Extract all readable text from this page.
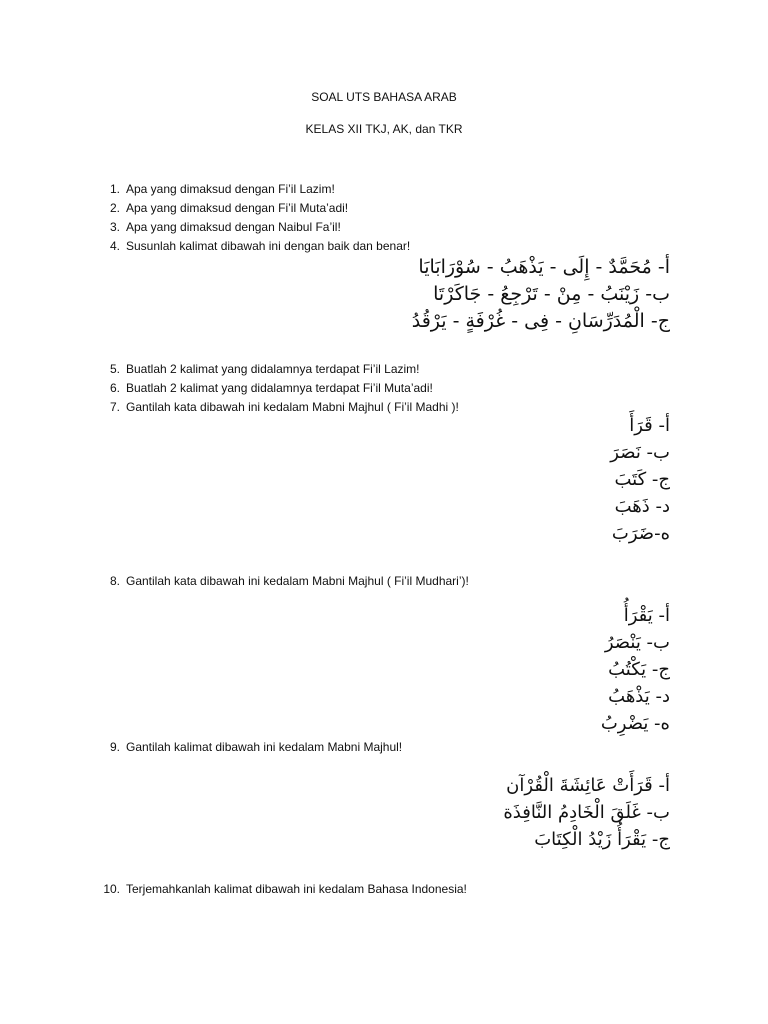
SOAL UTS BAHASA ARAB
KELAS XII TKJ, AK, dan TKR
1. Apa yang dimaksud dengan Fi’il Lazim!
2. Apa yang dimaksud dengan Fi’il Muta’adi!
3. Apa yang dimaksud dengan Naibul Fa’il!
4. Susunlah kalimat dibawah ini dengan baik dan benar!
أ- مُحَمَّدٌ - إِلَى - يَذْهَبُ - سُوْرَابَايَا
ب- زَيْنَبُ - مِنْ - تَرْجِعُ - جَاكَرْتَا
ج- الْمُدَرِّسَانِ - فِى - غُرْفَةٍ - يَرْقُدُ
5. Buatlah 2 kalimat yang didalamnya terdapat Fi’il Lazim!
6. Buatlah 2 kalimat yang didalamnya terdapat Fi’il Muta’adi!
7. Gantilah kata dibawah ini kedalam Mabni Majhul ( Fi’il Madhi )!
أ- قَرَأَ
ب- نَصَرَ
ج- كَتَبَ
د- ذَهَبَ
ه-ضَرَبَ
8. Gantilah kata dibawah ini kedalam Mabni Majhul ( Fi’il Mudhari’)!
أ- يَقْرَأُ
ب- يَنْصَرُ
ج- يَكْتُبُ
د- يَذْهَبُ
ه- يَضْرِبُ
9. Gantilah kalimat dibawah ini kedalam Mabni Majhul!
أ- قَرَأَتْ عَائِشَةَ الْقُرْآن
ب- غَلَقَ الْخَادِمُ النَّافِذَة
ج- يَقْرَأُ زَيْدُ الْكِتَابَ
10. Terjemahkanlah kalimat dibawah ini kedalam Bahasa Indonesia!
